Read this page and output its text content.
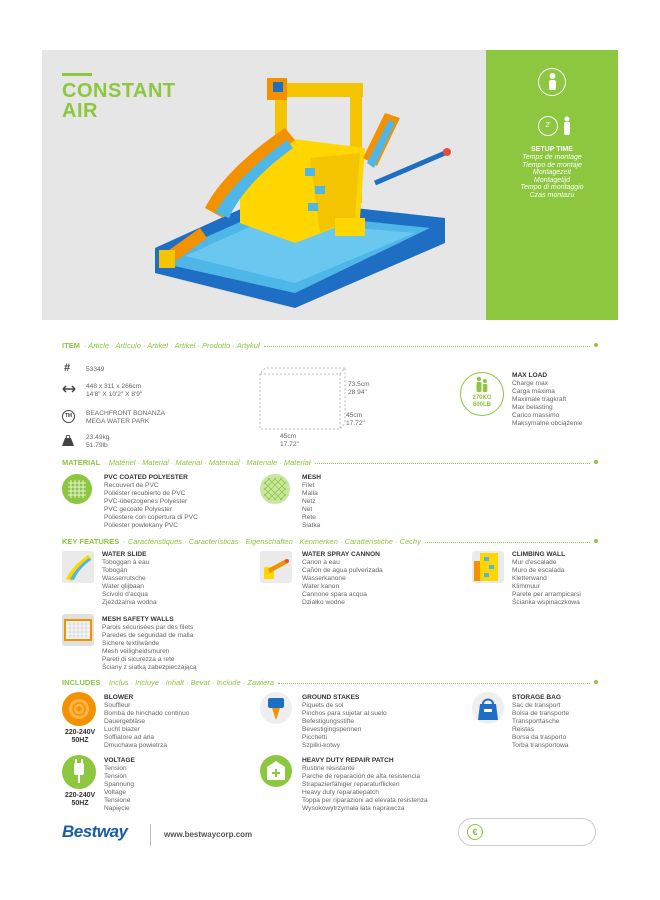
CONSTANT
AIR
2'
SETUP TIME
Temps de montage
Tiempo de montaje
Montagezeit
Montagetijd
Tempo di montaggio
Czas montażu
ITEM · Article · Artículo · Artikel · Artikel · Prodotto · Artykuł
# 53349
448 x 311 x 266cm
14'8" X 10'2" X 8'9"
TM	BEACHFRONT BONANZA
MEGA WATER PARK
23.49kg
51.79lb
73.5cm
28.94"
45cm
17.72"
45cm
17.72"
270KG
600LB
MAX LOAD
Charge max
Carga máxima
Maximale tragkraft
Max belasting
Carico massimo
Maksymalne obciążenie
MATERIAL · Matériel · Material · Material · Materiaal · Materiale · Materiał
PVC COATED POLYESTER
Recouvert de PVC
Poliéster recubierto de PVC
PVC-überzogenes Polyester
PVC gecoate Polyester
Poliestere con copertura di PVC
Poliester powlekany PVC
MESH
Filet
Malla
Netz
Net
Rete
Siatka
KEY FEATURES · Caractéristiques · Características · Eigenschaften · Kenmerken · Caratteristiche · Cechy
WATER SLIDE
Toboggan à eau
Tobogán
Wasserrutsche
Water glijbaan
Scivolo d'acqua
Zjeżdżalnia wodna
WATER SPRAY CANNON
Canon à eau
Cañón de agua pulverizada
Wasserkanone
Water kanon
Cannone spara acqua
Działko wodne
CLIMBING WALL
Mur d'escalade
Muro de escalada
Kletterwand
Klimmuur
Parete per arrampicarsi
Ścianka wspinaczkowa
MESH SAFETY WALLS
Parois sécurisées par des filets
Paredes de seguridad de malla
Sichere textilwände
Mesh veiligheidsmuren
Pareti di sicurezza a rete
Ściany z siatką zabezpieczającą
INCLUDES · Inclus · Incluye · Inhalt · Bevat · Include · Zawiera
220-240V
50HZ
BLOWER
Souffleur
Bomba de hinchado continuo
Dauergebläse
Lucht blazer
Soffiatore ad aria
Dmuchawa powietrza
GROUND STAKES
Piquets de sol
Pinchos para sujetar al suelo
Befestigungsstifte
Bevestigingspennen
Picchetti
Szpilki-kotwy
STORAGE BAG
Sac de transport
Bolsa de transporte
Transporttasche
Reistas
Borsa da trasporto
Torba transportowa
220-240V
50HZ
VOLTAGE
Tension
Tensión
Spannung
Voltage
Tensione
Napięcie
HEAVY DUTY REPAIR PATCH
Rustine résistante
Parche de reparación de alta resistencia
Strapazierfähiger reparaturflicken
Heavy duty reparatiepatch
Toppa per riparazioni ad elevata resistenza
Wysokowytrzymała łata naprawcza
Bestway	www.bestwaycorp.com	€
